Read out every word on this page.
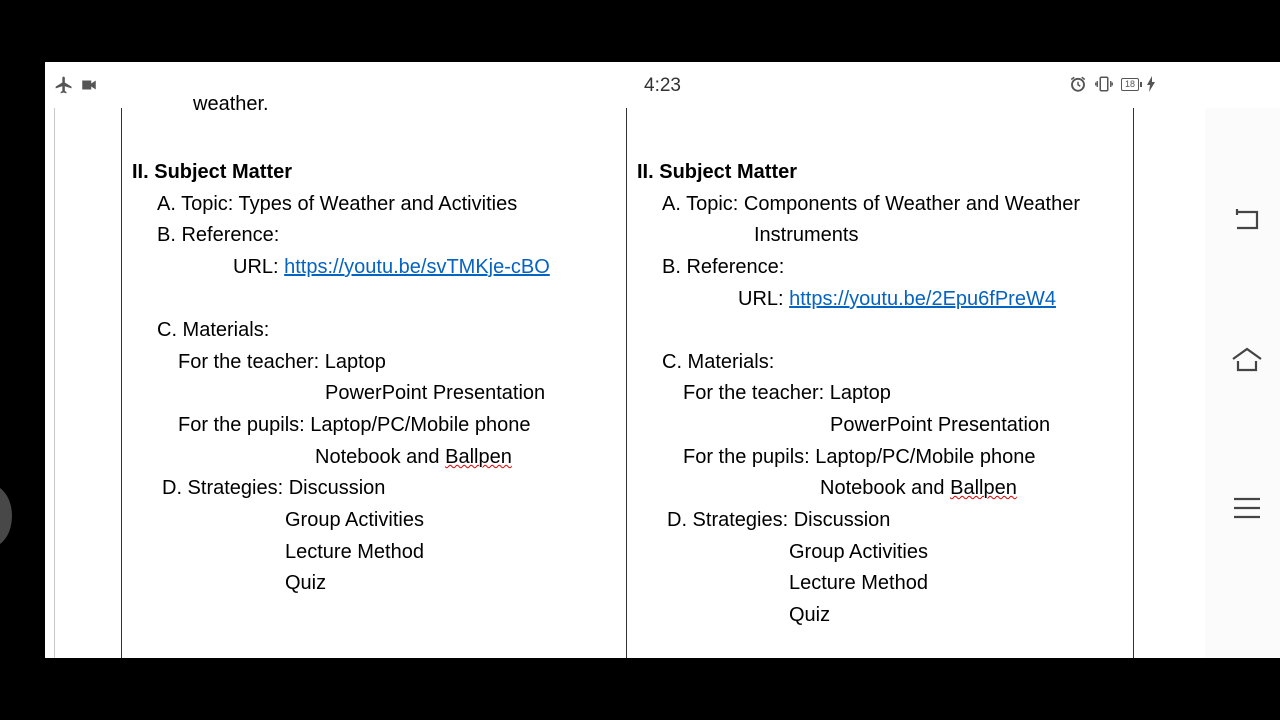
4:23	18
weather.
II. Subject Matter
A. Topic: Types of Weather and Activities
B. Reference:
URL: https://youtu.be/svTMKje-cBO
C. Materials:
For the teacher: Laptop
PowerPoint Presentation
For the pupils: Laptop/PC/Mobile phone
Notebook and Ballpen
D. Strategies: Discussion
Group Activities
Lecture Method
Quiz
II. Subject Matter
A. Topic: Components of Weather and Weather
Instruments
B. Reference:
URL: https://youtu.be/2Epu6fPreW4
C. Materials:
For the teacher: Laptop
PowerPoint Presentation
For the pupils: Laptop/PC/Mobile phone
Notebook and Ballpen
D. Strategies: Discussion
Group Activities
Lecture Method
Quiz
